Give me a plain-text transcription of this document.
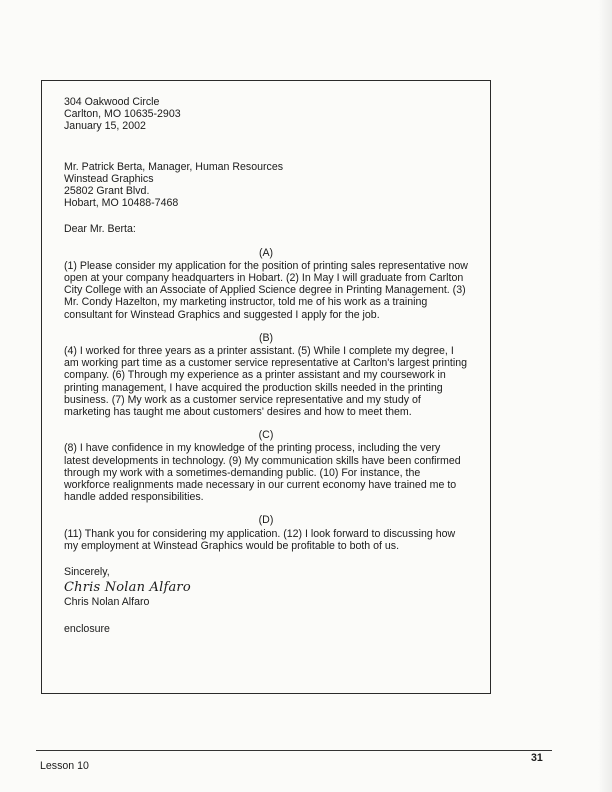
304 Oakwood Circle
Carlton, MO 10635-2903
January 15, 2002
Mr. Patrick Berta, Manager, Human Resources
Winstead Graphics
25802 Grant Blvd.
Hobart, MO 10488-7468
Dear Mr. Berta:
(A)

(1) Please consider my application for the position of printing sales representative now open at your company headquarters in Hobart. (2) In May I will graduate from Carlton City College with an Associate of Applied Science degree in Printing Management. (3) Mr. Condy Hazelton, my marketing instructor, told me of his work as a training consultant for Winstead Graphics and suggested I apply for the job.

(B)

(4) I worked for three years as a printer assistant. (5) While I complete my degree, I am working part time as a customer service representative at Carlton's largest printing company. (6) Through my experience as a printer assistant and my coursework in printing management, I have acquired the production skills needed in the printing business. (7) My work as a customer service representative and my study of marketing has taught me about customers' desires and how to meet them.

(C)

(8) I have confidence in my knowledge of the printing process, including the very latest developments in technology. (9) My communication skills have been confirmed through my work with a sometimes-demanding public. (10) For instance, the workforce realignments made necessary in our current economy have trained me to handle added responsibilities.

(D)

(11) Thank you for considering my application. (12) I look forward to discussing how my employment at Winstead Graphics would be profitable to both of us.

Sincerely,
Chris Nolan Alfaro
Chris Nolan Alfaro
enclosure
Lesson 10
31
